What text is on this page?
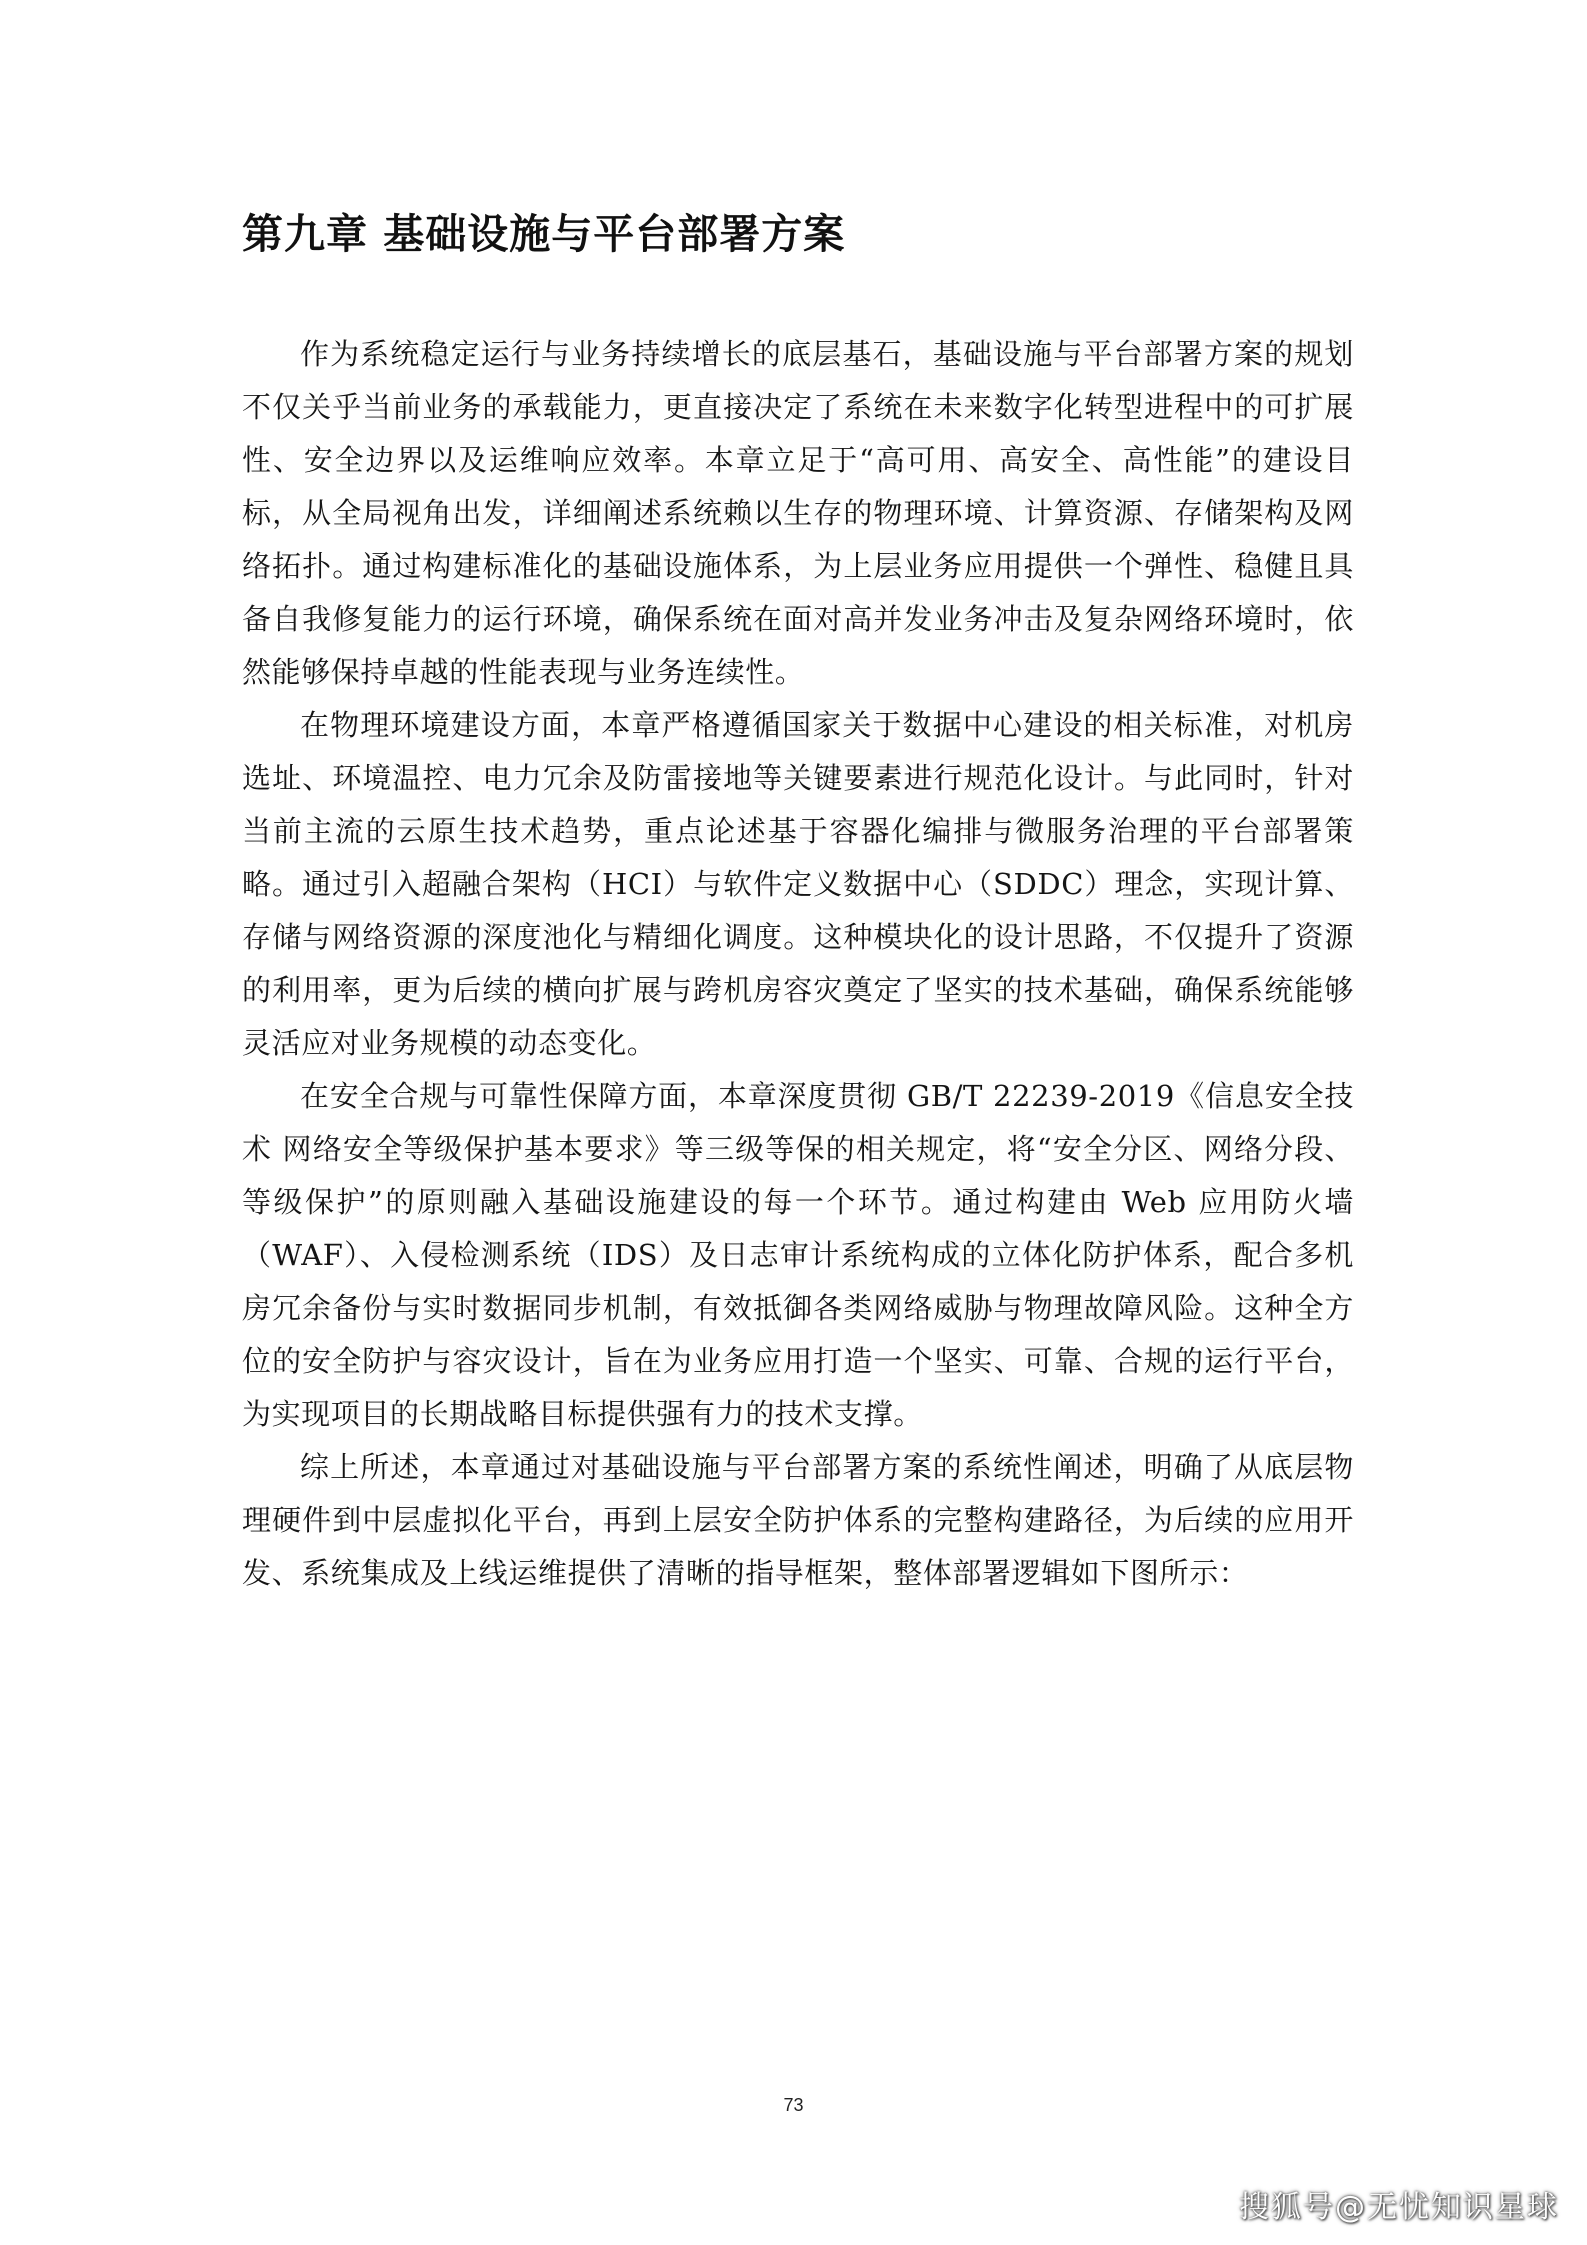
第九章 基础设施与平台部署方案

作为系统稳定运行与业务持续增长的底层基石，基础设施与平台部署方案的规划不仅关乎当前业务的承载能力，更直接决定了系统在未来数字化转型进程中的可扩展性、安全边界以及运维响应效率。本章立足于“高可用、高安全、高性能”的建设目标，从全局视角出发，详细阐述系统赖以生存的物理环境、计算资源、存储架构及网络拓扑。通过构建标准化的基础设施体系，为上层业务应用提供一个弹性、稳健且具备自我修复能力的运行环境，确保系统在面对高并发业务冲击及复杂网络环境时，依然能够保持卓越的性能表现与业务连续性。

在物理环境建设方面，本章严格遵循国家关于数据中心建设的相关标准，对机房选址、环境温控、电力冗余及防雷接地等关键要素进行规范化设计。与此同时，针对当前主流的云原生技术趋势，重点论述基于容器化编排与微服务治理的平台部署策略。通过引入超融合架构（HCI）与软件定义数据中心（SDDC）理念，实现计算、存储与网络资源的深度池化与精细化调度。这种模块化的设计思路，不仅提升了资源的利用率，更为后续的横向扩展与跨机房容灾奠定了坚实的技术基础，确保系统能够灵活应对业务规模的动态变化。

在安全合规与可靠性保障方面，本章深度贯彻 GB/T 22239-2019《信息安全技术 网络安全等级保护基本要求》等三级等保的相关规定，将“安全分区、网络分段、等级保护”的原则融入基础设施建设的每一个环节。通过构建由 Web 应用防火墙（WAF）、入侵检测系统（IDS）及日志审计系统构成的立体化防护体系，配合多机房冗余备份与实时数据同步机制，有效抵御各类网络威胁与物理故障风险。这种全方位的安全防护与容灾设计，旨在为业务应用打造一个坚实、可靠、合规的运行平台，为实现项目的长期战略目标提供强有力的技术支撑。

综上所述，本章通过对基础设施与平台部署方案的系统性阐述，明确了从底层物理硬件到中层虚拟化平台，再到上层安全防护体系的完整构建路径，为后续的应用开发、系统集成及上线运维提供了清晰的指导框架，整体部署逻辑如下图所示：

73
搜狐号@无忧知识星球
